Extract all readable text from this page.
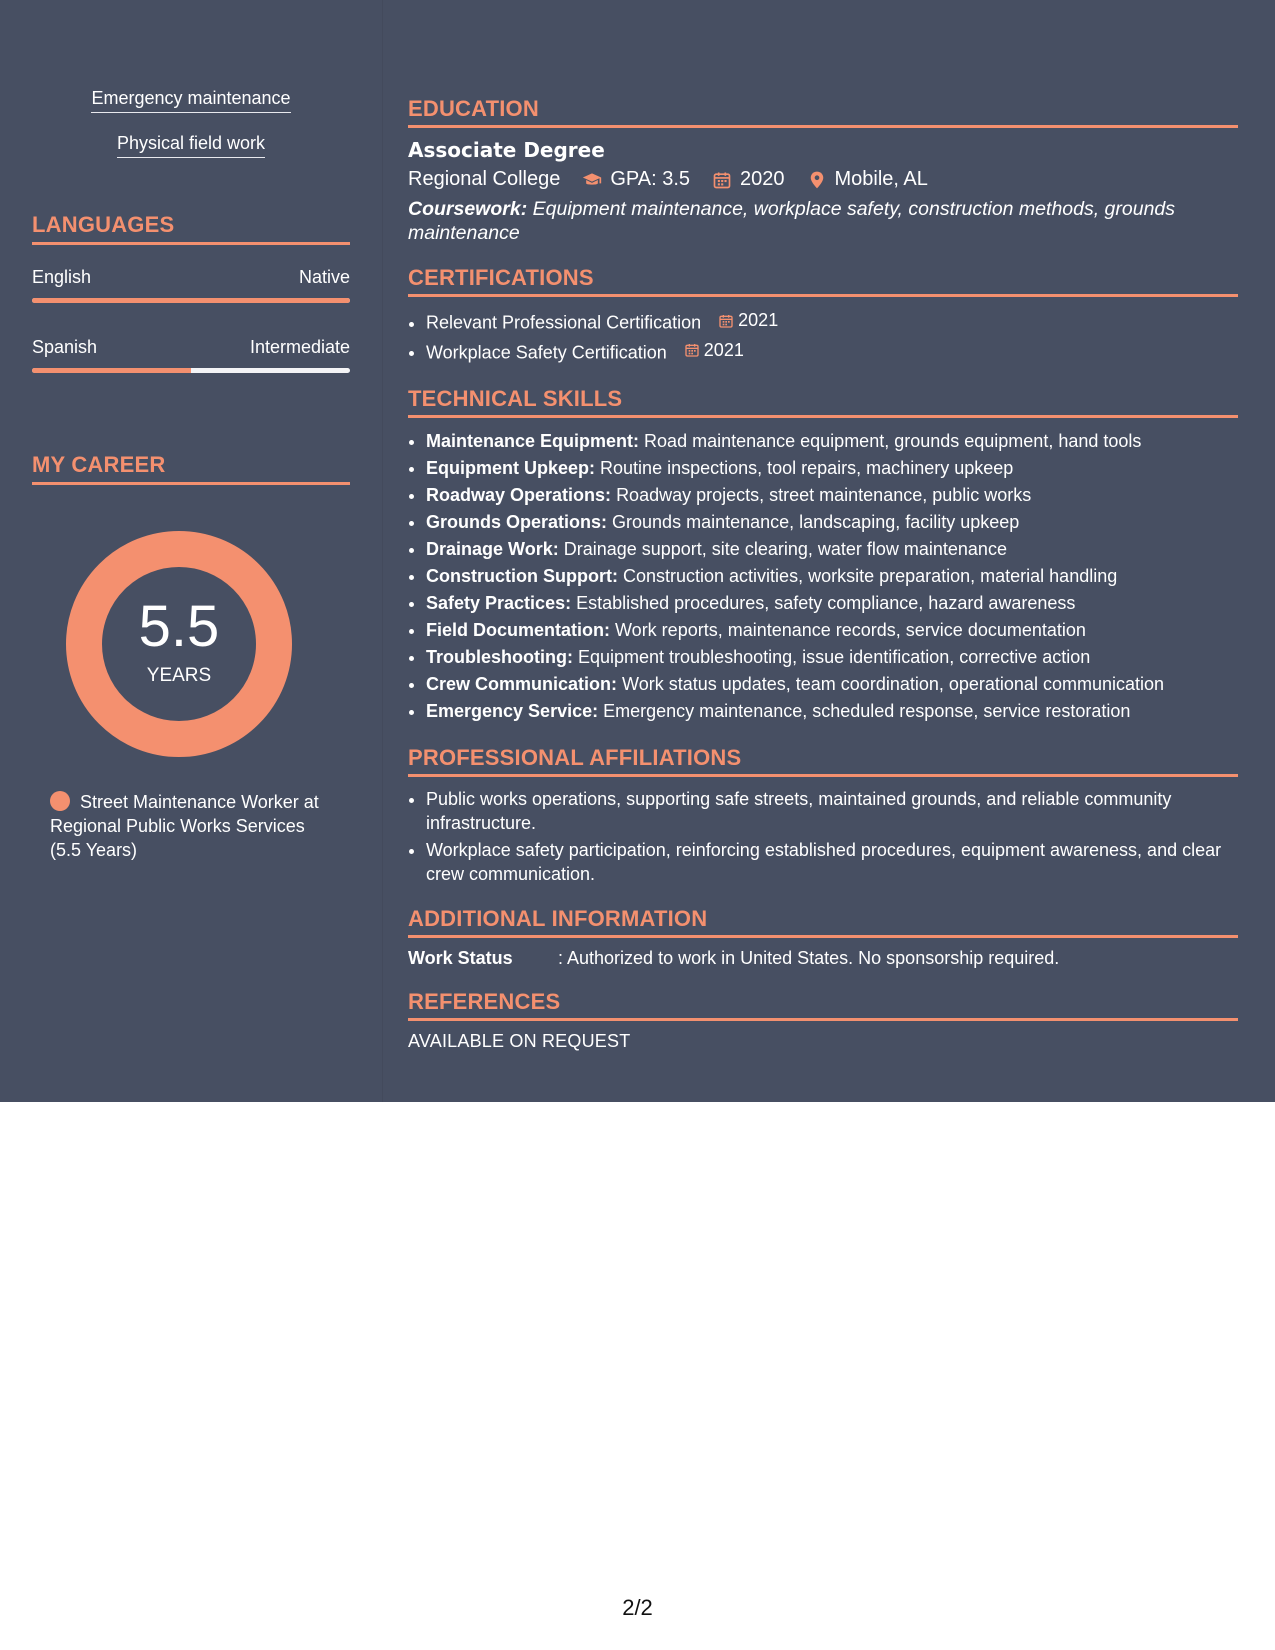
Emergency maintenance
Physical field work
LANGUAGES
English	Native
Spanish	Intermediate
MY CAREER
5.5
YEARS
Street Maintenance Worker at Regional Public Works Services (5.5 Years)
EDUCATION
Associate Degree
Regional College	GPA: 3.5	2020	Mobile, AL
Coursework: Equipment maintenance, workplace safety, construction methods, grounds maintenance
CERTIFICATIONS
• Relevant Professional Certification 2021
• Workplace Safety Certification 2021
TECHNICAL SKILLS
• Maintenance Equipment: Road maintenance equipment, grounds equipment, hand tools
• Equipment Upkeep: Routine inspections, tool repairs, machinery upkeep
• Roadway Operations: Roadway projects, street maintenance, public works
• Grounds Operations: Grounds maintenance, landscaping, facility upkeep
• Drainage Work: Drainage support, site clearing, water flow maintenance
• Construction Support: Construction activities, worksite preparation, material handling
• Safety Practices: Established procedures, safety compliance, hazard awareness
• Field Documentation: Work reports, maintenance records, service documentation
• Troubleshooting: Equipment troubleshooting, issue identification, corrective action
• Crew Communication: Work status updates, team coordination, operational communication
• Emergency Service: Emergency maintenance, scheduled response, service restoration
PROFESSIONAL AFFILIATIONS
• Public works operations, supporting safe streets, maintained grounds, and reliable community infrastructure.
• Workplace safety participation, reinforcing established procedures, equipment awareness, and clear crew communication.
ADDITIONAL INFORMATION
Work Status	: Authorized to work in United States. No sponsorship required.
REFERENCES
AVAILABLE ON REQUEST
2/2
